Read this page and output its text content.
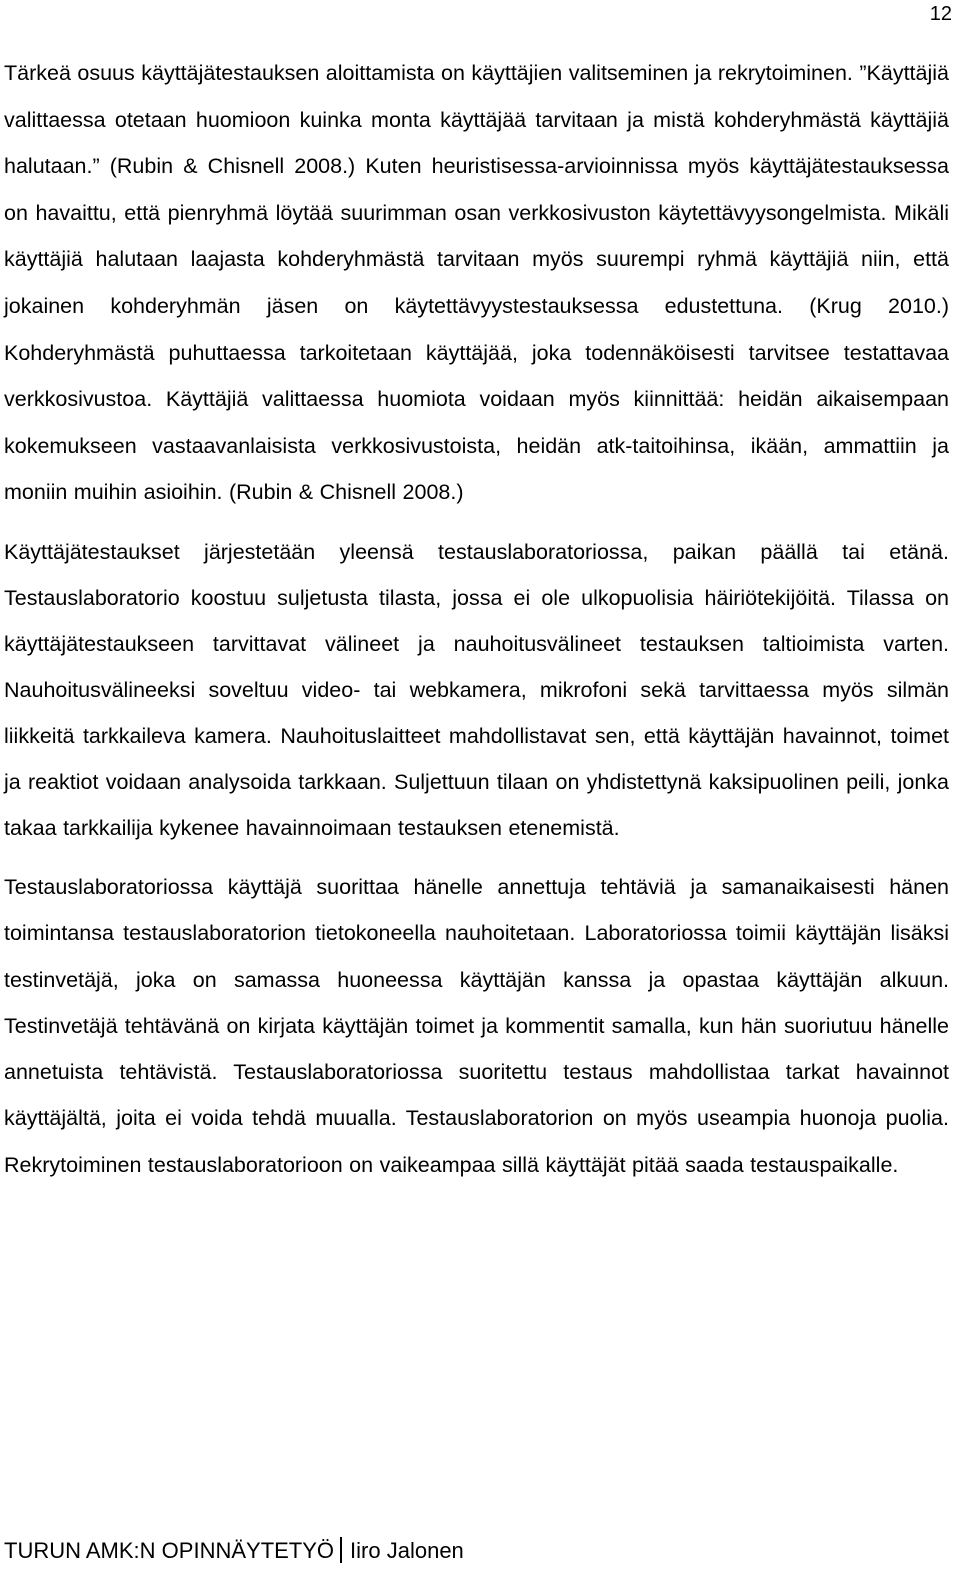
12

Tärkeä osuus käyttäjätestauksen aloittamista on käyttäjien valitseminen ja rekrytoiminen. ”Käyttäjiä valittaessa otetaan huomioon kuinka monta käyttäjää tarvitaan ja mistä kohderyhmästä käyttäjiä halutaan.” (Rubin & Chisnell 2008.) Kuten heuristisessa-arvioinnissa myös käyttäjätestauksessa on havaittu, että pienryhmä löytää suurimman osan verkkosivuston käytettävyysongelmista. Mikäli käyttäjiä halutaan laajasta kohderyhmästä tarvitaan myös suurempi ryhmä käyttäjiä niin, että jokainen kohderyhmän jäsen on käytettävyystestauksessa edustettuna. (Krug 2010.) Kohderyhmästä puhuttaessa tarkoitetaan käyttäjää, joka todennäköisesti tarvitsee testattavaa verkkosivustoa. Käyttäjiä valittaessa huomiota voidaan myös kiinnittää: heidän aikaisempaan kokemukseen vastaavanlaisista verkkosivustoista, heidän atk-taitoihinsa, ikään, ammattiin ja moniin muihin asioihin. (Rubin & Chisnell 2008.)

Käyttäjätestaukset järjestetään yleensä testauslaboratoriossa, paikan päällä tai etänä. Testauslaboratorio koostuu suljetusta tilasta, jossa ei ole ulkopuolisia häiriötekijöitä. Tilassa on käyttäjätestaukseen tarvittavat välineet ja nauhoitusvälineet testauksen taltioimista varten. Nauhoitusvälineeksi soveltuu video- tai webkamera, mikrofoni sekä tarvittaessa myös silmän liikkeitä tarkkaileva kamera. Nauhoituslaitteet mahdollistavat sen, että käyttäjän havainnot, toimet ja reaktiot voidaan analysoida tarkkaan. Suljettuun tilaan on yhdistettynä kaksipuolinen peili, jonka takaa tarkkailija kykenee havainnoimaan testauksen etenemistä.

Testauslaboratoriossa käyttäjä suorittaa hänelle annettuja tehtäviä ja samanaikaisesti hänen toimintansa testauslaboratorion tietokoneella nauhoitetaan. Laboratoriossa toimii käyttäjän lisäksi testinvetäjä, joka on samassa huoneessa käyttäjän kanssa ja opastaa käyttäjän alkuun. Testinvetäjä tehtävänä on kirjata käyttäjän toimet ja kommentit samalla, kun hän suoriutuu hänelle annetuista tehtävistä. Testauslaboratoriossa suoritettu testaus mahdollistaa tarkat havainnot käyttäjältä, joita ei voida tehdä muualla. Testauslaboratorion on myös useampia huonoja puolia. Rekrytoiminen testauslaboratorioon on vaikeampaa sillä käyttäjät pitää saada testauspaikalle.

TURUN AMK:N OPINNÄYTETYÖ Iiro Jalonen
